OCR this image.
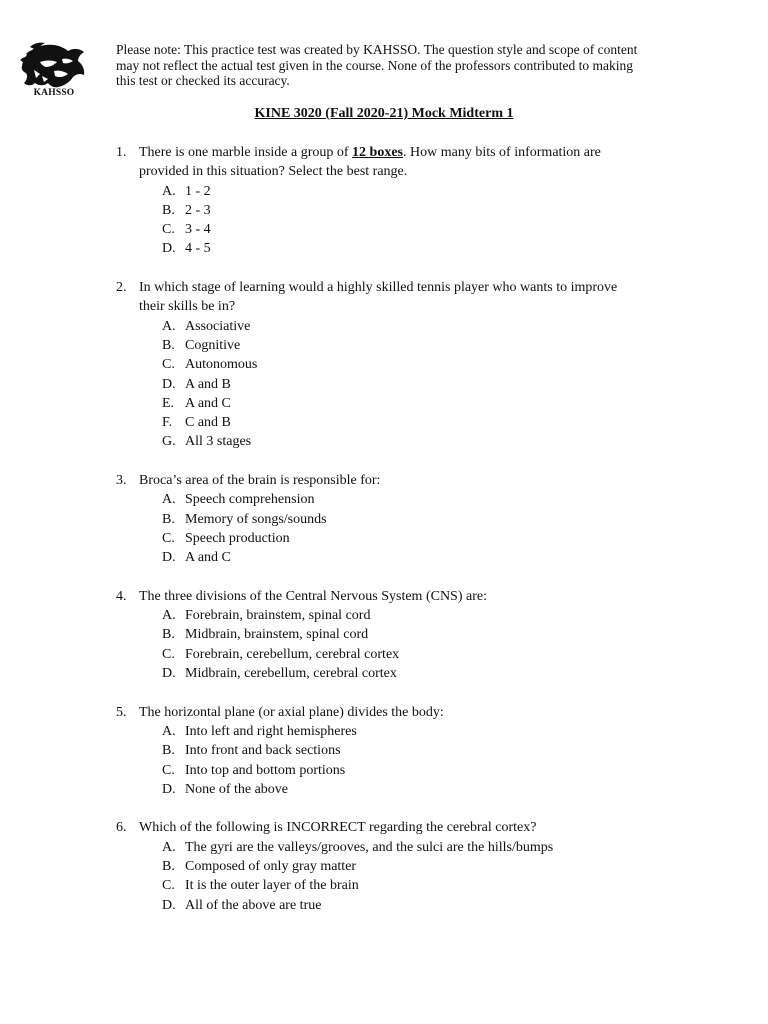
KAHSSO
Please note: This practice test was created by KAHSSO. The question style and scope of content
may not reflect the actual test given in the course. None of the professors contributed to making
this test or checked its accuracy.
KINE 3020 (Fall 2020-21) Mock Midterm 1
1. There is one marble inside a group of 12 boxes. How many bits of information are
provided in this situation? Select the best range.
A. 1 - 2
B. 2 - 3
C. 3 - 4
D. 4 - 5
2. In which stage of learning would a highly skilled tennis player who wants to improve
their skills be in?
A. Associative
B. Cognitive
C. Autonomous
D. A and B
E. A and C
F. C and B
G. All 3 stages
3. Broca’s area of the brain is responsible for:
A. Speech comprehension
B. Memory of songs/sounds
C. Speech production
D. A and C
4. The three divisions of the Central Nervous System (CNS) are:
A. Forebrain, brainstem, spinal cord
B. Midbrain, brainstem, spinal cord
C. Forebrain, cerebellum, cerebral cortex
D. Midbrain, cerebellum, cerebral cortex
5. The horizontal plane (or axial plane) divides the body:
A. Into left and right hemispheres
B. Into front and back sections
C. Into top and bottom portions
D. None of the above
6. Which of the following is INCORRECT regarding the cerebral cortex?
A. The gyri are the valleys/grooves, and the sulci are the hills/bumps
B. Composed of only gray matter
C. It is the outer layer of the brain
D. All of the above are true
